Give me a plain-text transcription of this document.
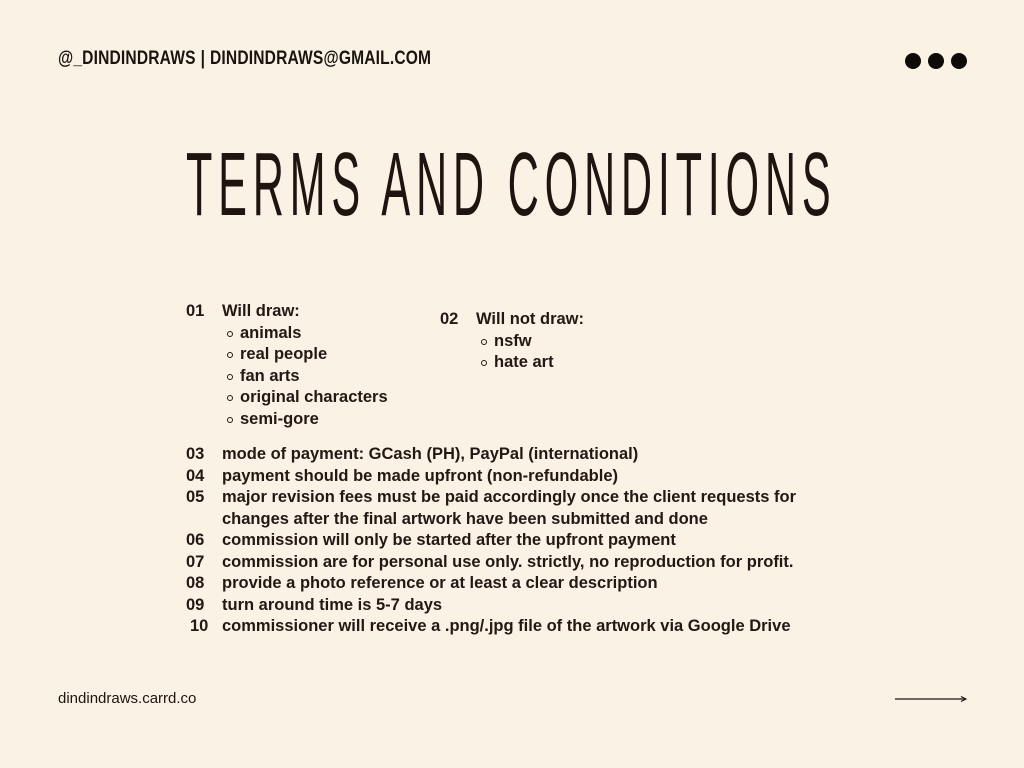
@_DINDINDRAWS | DINDINDRAWS@GMAIL.COM
TERMS AND CONDITIONS
01	Will draw:
animals
real people
fan arts
original characters
semi-gore
02	Will not draw:
nsfw
hate art
03	mode of payment: GCash (PH), PayPal (international)
04	payment should be made upfront (non-refundable)
05	major revision fees must be paid accordingly once the client requests for
changes after the final artwork have been submitted and done
06	commission will only be started after the upfront payment
07	commission are for personal use only. strictly, no reproduction for profit.
08	provide a photo reference or at least a clear description
09	turn around time is 5-7 days
10 commissioner will receive a .png/.jpg file of the artwork via Google Drive
dindindraws.carrd.co
